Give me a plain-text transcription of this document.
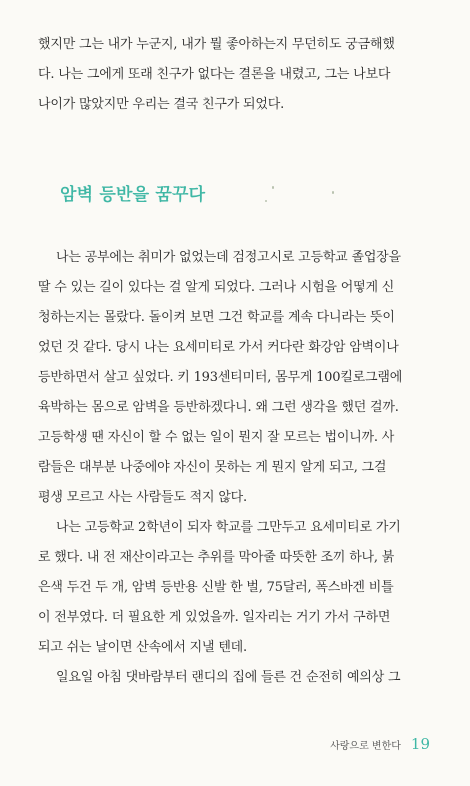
했지만 그는 내가 누군지, 내가 뭘 좋아하는지 무던히도 궁금해했
다. 나는 그에게 또래 친구가 없다는 결론을 내렸고, 그는 나보다
나이가 많았지만 우리는 결국 친구가 되었다.
암벽 등반을 꿈꾸다
나는 공부에는 취미가 없었는데 검정고시로 고등학교 졸업장을
딸 수 있는 길이 있다는 걸 알게 되었다. 그러나 시험을 어떻게 신
청하는지는 몰랐다. 돌이켜 보면 그건 학교를 계속 다니라는 뜻이
었던 것 같다. 당시 나는 요세미티로 가서 커다란 화강암 암벽이나
등반하면서 살고 싶었다. 키 193센티미터, 몸무게 100킬로그램에
육박하는 몸으로 암벽을 등반하겠다니. 왜 그런 생각을 했던 걸까.
고등학생 땐 자신이 할 수 없는 일이 뭔지 잘 모르는 법이니까. 사
람들은 대부분 나중에야 자신이 못하는 게 뭔지 알게 되고, 그걸
평생 모르고 사는 사람들도 적지 않다.
나는 고등학교 2학년이 되자 학교를 그만두고 요세미티로 가기
로 했다. 내 전 재산이라고는 추위를 막아줄 따뜻한 조끼 하나, 붉
은색 두건 두 개, 암벽 등반용 신발 한 벌, 75달러, 폭스바겐 비틀
이 전부였다. 더 필요한 게 있었을까. 일자리는 거기 가서 구하면
되고 쉬는 날이면 산속에서 지낼 텐데.
일요일 아침 댓바람부터 랜디의 집에 들른 건 순전히 예의상 그
사랑으로 변한다 19
